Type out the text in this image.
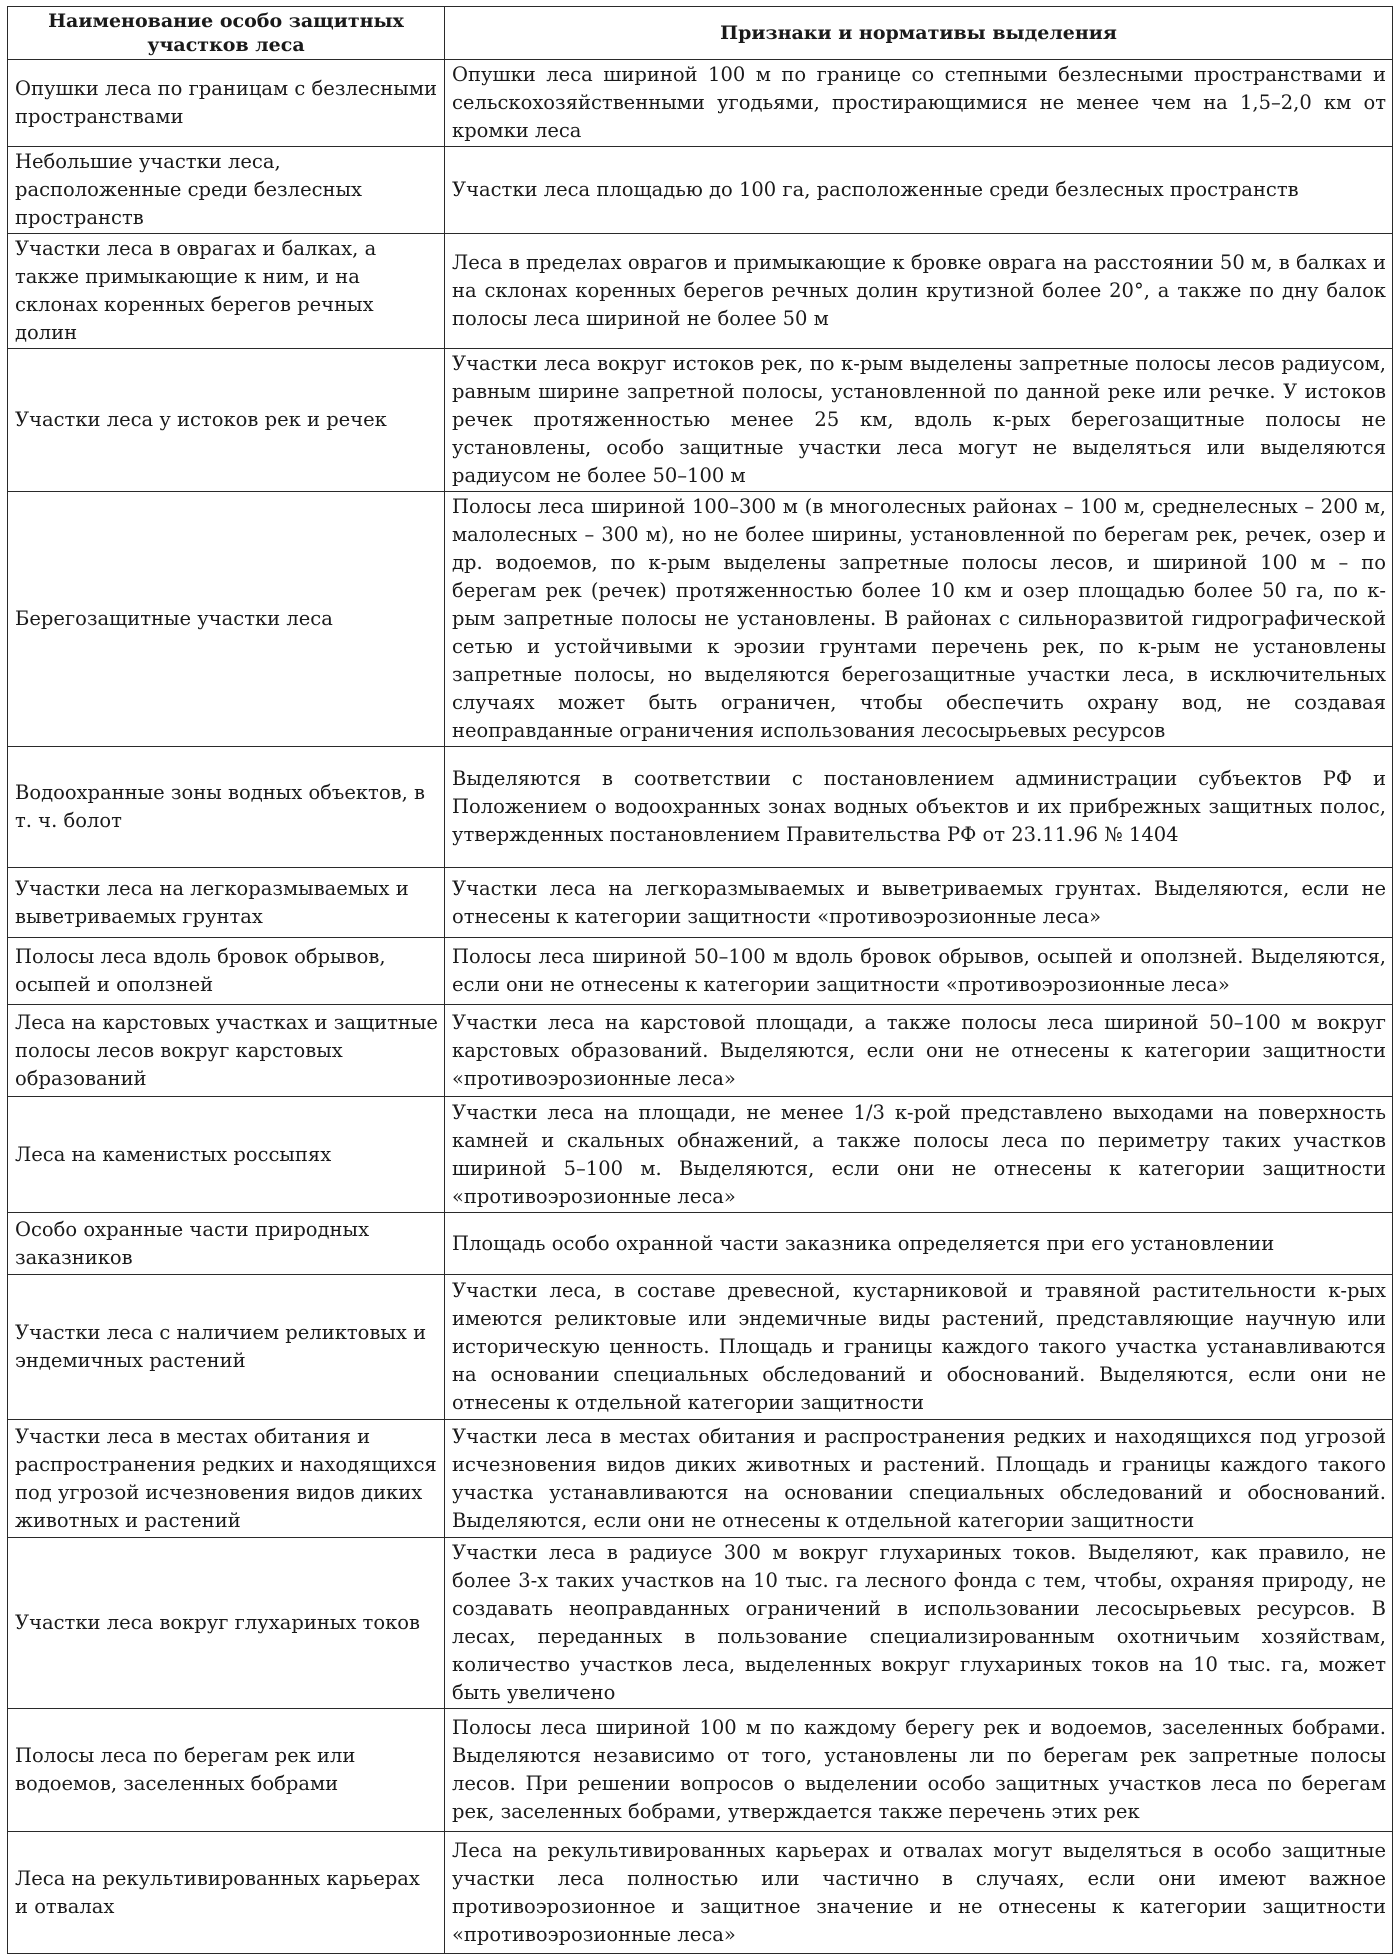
Наименование особо защитных участков леса	Признаки и нормативы выделения
Опушки леса по границам с безлесными пространствами	Опушки леса шириной 100 м по границе со степными безлесными пространствами и сельскохозяйственными угодьями, простирающимися не менее чем на 1,5–2,0 км от кромки леса
Небольшие участки леса, расположенные среди безлесных пространств	Участки леса площадью до 100 га, расположенные среди безлесных пространств
Участки леса в оврагах и балках, а также примыкающие к ним, и на склонах коренных берегов речных долин	Леса в пределах оврагов и примыкающие к бровке оврага на расстоянии 50 м, в балках и на склонах коренных берегов речных долин крутизной более 20°, а также по дну балок полосы леса шириной не более 50 м
Участки леса у истоков рек и речек	Участки леса вокруг истоков рек, по к-рым выделены запретные полосы лесов радиусом, равным ширине запретной полосы, установленной по данной реке или речке. У истоков речек протяженностью менее 25 км, вдоль к-рых берегозащитные полосы не установлены, особо защитные участки леса могут не выделяться или выделяются радиусом не более 50–100 м
Берегозащитные участки леса	Полосы леса шириной 100–300 м (в многолесных районах – 100 м, среднелесных – 200 м, малолесных – 300 м), но не более ширины, установленной по берегам рек, речек, озер и др. водоемов, по к-рым выделены запретные полосы лесов, и шириной 100 м – по берегам рек (речек) протяженностью более 10 км и озер площадью более 50 га, по к-рым запретные полосы не установлены. В районах с сильноразвитой гидрографической сетью и устойчивыми к эрозии грунтами перечень рек, по к-рым не установлены запретные полосы, но выделяются берегозащитные участки леса, в исключительных случаях может быть ограничен, чтобы обеспечить охрану вод, не создавая неоправданные ограничения использования лесосырьевых ресурсов
Водоохранные зоны водных объектов, в т. ч. болот	Выделяются в соответствии с постановлением администрации субъектов РФ и Положением о водоохранных зонах водных объектов и их прибрежных защитных полос, утвержденных постановлением Правительства РФ от 23.11.96 № 1404
Участки леса на легкоразмываемых и выветриваемых грунтах	Участки леса на легкоразмываемых и выветриваемых грунтах. Выделяются, если не отнесены к категории защитности «противоэрозионные леса»
Полосы леса вдоль бровок обрывов, осыпей и оползней	Полосы леса шириной 50–100 м вдоль бровок обрывов, осыпей и оползней. Выделяются, если они не отнесены к категории защитности «противоэрозионные леса»
Леса на карстовых участках и защитные полосы лесов вокруг карстовых образований	Участки леса на карстовой площади, а также полосы леса шириной 50–100 м вокруг карстовых образований. Выделяются, если они не отнесены к категории защитности «противоэрозионные леса»
Леса на каменистых россыпях	Участки леса на площади, не менее 1/3 к-рой представлено выходами на поверхность камней и скальных обнажений, а также полосы леса по периметру таких участков шириной 5–100 м. Выделяются, если они не отнесены к категории защитности «противоэрозионные леса»
Особо охранные части природных заказников	Площадь особо охранной части заказника определяется при его установлении
Участки леса с наличием реликтовых и эндемичных растений	Участки леса, в составе древесной, кустарниковой и травяной растительности к-рых имеются реликтовые или эндемичные виды растений, представляющие научную или историческую ценность. Площадь и границы каждого такого участка устанавливаются на основании специальных обследований и обоснований. Выделяются, если они не отнесены к отдельной категории защитности
Участки леса в местах обитания и распространения редких и находящихся под угрозой исчезновения видов диких животных и растений	Участки леса в местах обитания и распространения редких и находящихся под угрозой исчезновения видов диких животных и растений. Площадь и границы каждого такого участка устанавливаются на основании специальных обследований и обоснований. Выделяются, если они не отнесены к отдельной категории защитности
Участки леса вокруг глухариных токов	Участки леса в радиусе 300 м вокруг глухариных токов. Выделяют, как правило, не более 3-х таких участков на 10 тыс. га лесного фонда с тем, чтобы, охраняя природу, не создавать неоправданных ограничений в использовании лесосырьевых ресурсов. В лесах, переданных в пользование специализированным охотничьим хозяйствам, количество участков леса, выделенных вокруг глухариных токов на 10 тыс. га, может быть увеличено
Полосы леса по берегам рек или водоемов, заселенных бобрами	Полосы леса шириной 100 м по каждому берегу рек и водоемов, заселенных бобрами. Выделяются независимо от того, установлены ли по берегам рек запретные полосы лесов. При решении вопросов о выделении особо защитных участков леса по берегам рек, заселенных бобрами, утверждается также перечень этих рек
Леса на рекультивированных карьерах и отвалах	Леса на рекультивированных карьерах и отвалах могут выделяться в особо защитные участки леса полностью или частично в случаях, если они имеют важное противоэрозионное и защитное значение и не отнесены к категории защитности «противоэрозионные леса»
